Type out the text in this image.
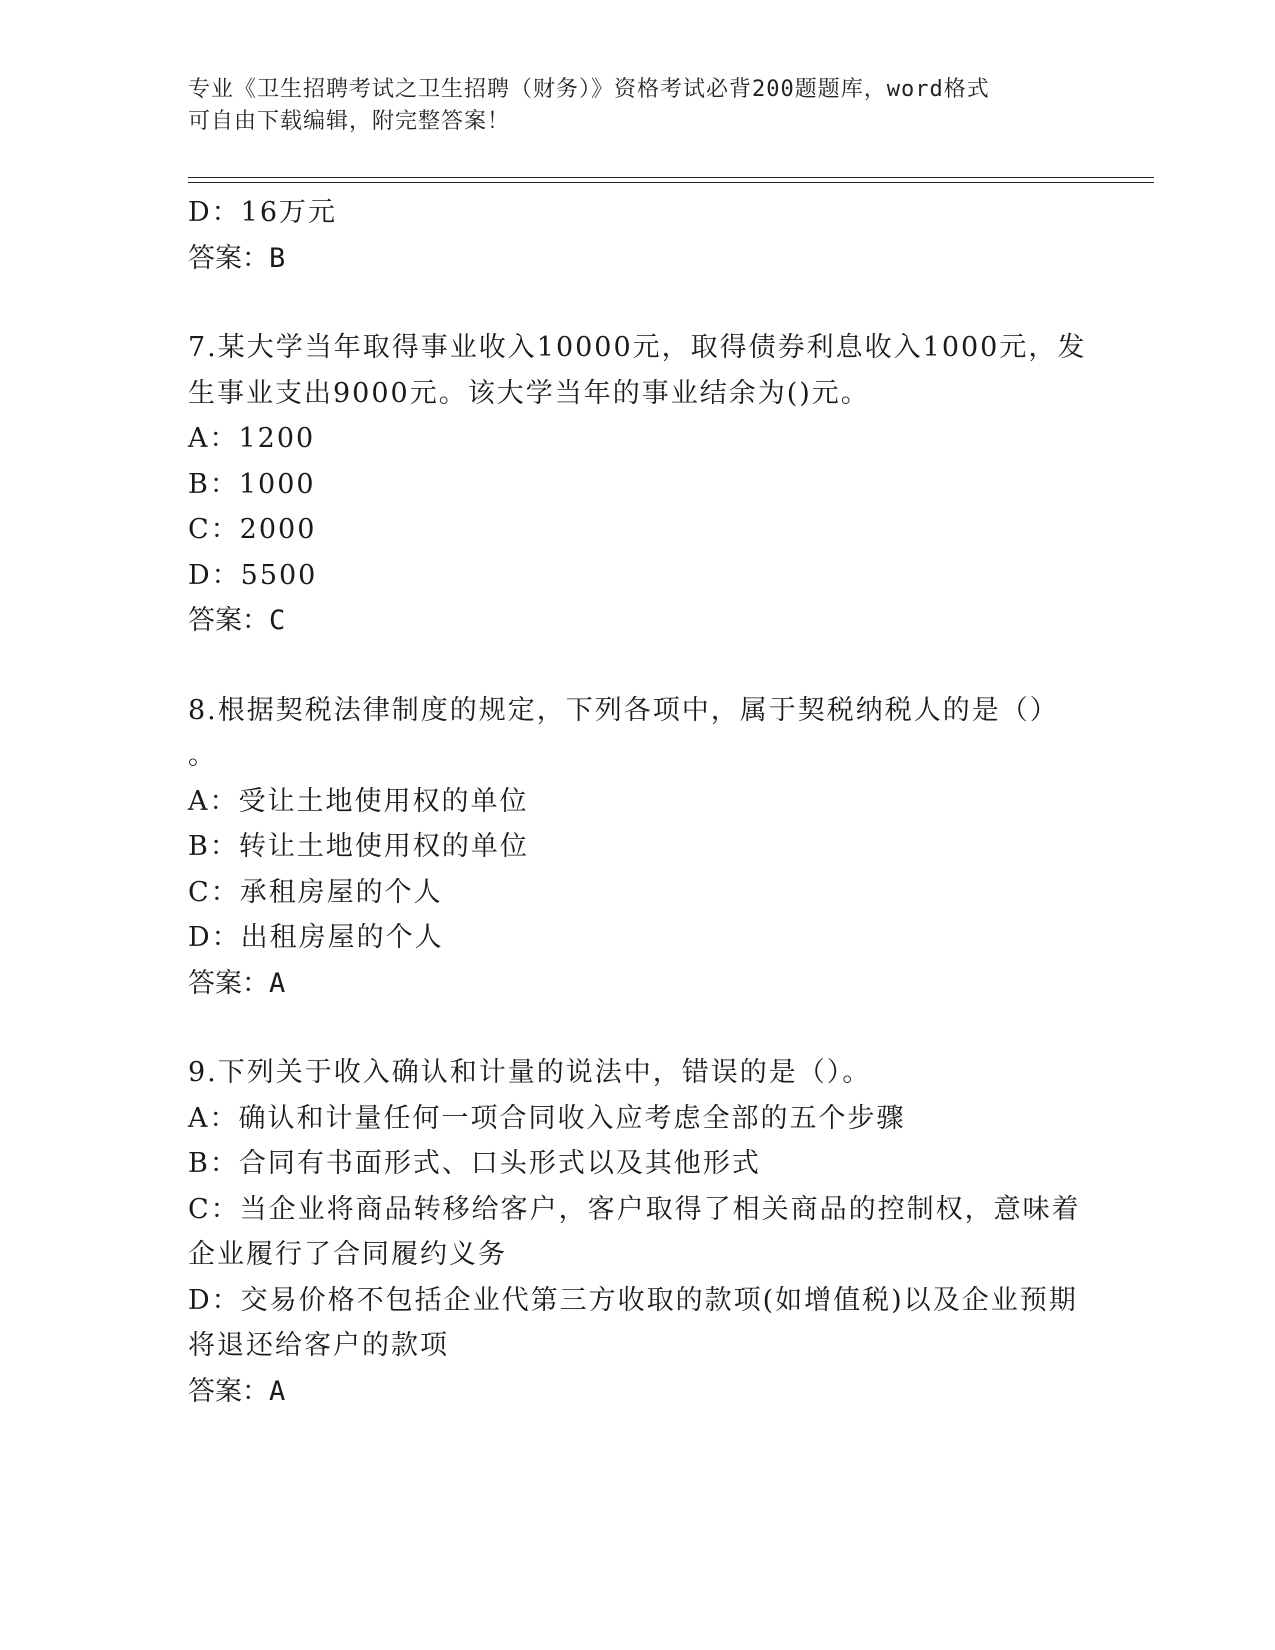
专业《卫生招聘考试之卫生招聘（财务）》资格考试必背200题题库，word格式
可自由下载编辑，附完整答案！
D：16万元
答案：B
7.某大学当年取得事业收入10000元，取得债券利息收入1000元，发
生事业支出9000元。该大学当年的事业结余为()元。
A：1200
B：1000
C：2000
D：5500
答案：C
8.根据契税法律制度的规定，下列各项中，属于契税纳税人的是（）
。
A：受让土地使用权的单位
B：转让土地使用权的单位
C：承租房屋的个人
D：出租房屋的个人
答案：A
9.下列关于收入确认和计量的说法中，错误的是（）。
A：确认和计量任何一项合同收入应考虑全部的五个步骤
B：合同有书面形式、口头形式以及其他形式
C：当企业将商品转移给客户，客户取得了相关商品的控制权，意味着
企业履行了合同履约义务
D：交易价格不包括企业代第三方收取的款项(如增值税)以及企业预期
将退还给客户的款项
答案：A
